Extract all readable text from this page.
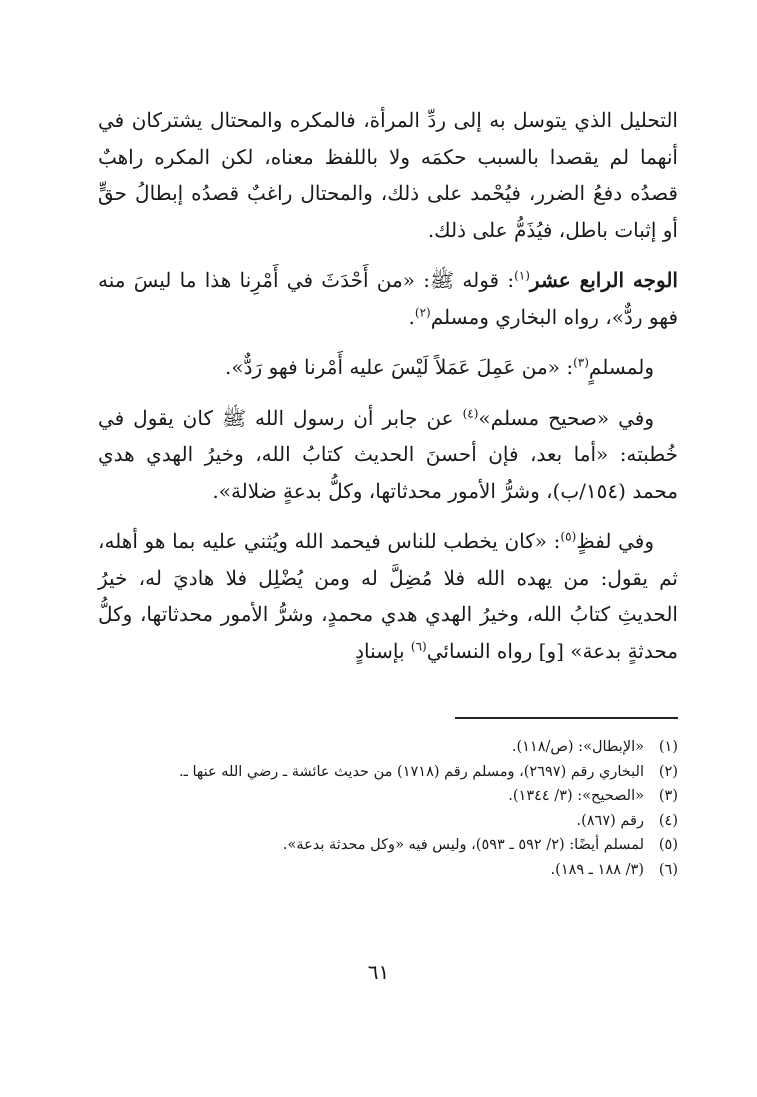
التحليل الذي يتوسل به إلى ردِّ المرأة، فالمكره والمحتال يشتركان في أنهما لم يقصدا بالسبب حكمَه ولا باللفظ معناه، لكن المكره راهبٌ قصدُه دفعُ الضرر، فيُحْمد على ذلك، والمحتال راغبٌ قصدُه إبطالُ حقٍّ أو إثبات باطل، فيُذَمُّ على ذلك.

الوجه الرابع عشر$^{(١)}$: قوله ﷺ: «من أَحْدَثَ في أَمْرِنا هذا ما ليسَ منه فهو ردٌّ»، رواه البخاري ومسلم$^{(٢)}$.

ولمسلمٍ$^{(٣)}$: «من عَمِلَ عَمَلاً لَيْسَ عليه أَمْرنا فهو رَدٌّ».

وفي «صحيح مسلم»$^{(٤)}$ عن جابر أن رسول الله ﷺ كان يقول في خُطبته: «أما بعد، فإن أحسنَ الحديث كتابُ الله، وخيرُ الهدي هدي محمد (١٥٤/ب)، وشرُّ الأمور محدثاتها، وكلُّ بدعةٍ ضلالة».

وفي لفظٍ$^{(٥)}$: «كان يخطب للناس فيحمد الله ويُثني عليه بما هو أهله، ثم يقول: من يهده الله فلا مُضِلَّ له ومن يُضْلِل فلا هاديَ له، خيرُ الحديثِ كتابُ الله، وخيرُ الهدي هدي محمدٍ، وشرُّ الأمور محدثاتها، وكلُّ محدثةٍ بدعة» [و] رواه النسائي$^{(٦)}$ بإسنادٍ

(١)
«الإبطال»: (ص/١١٨).
(٢)
البخاري رقم (٢٦٩٧)، ومسلم رقم (١٧١٨) من حديث عائشة ـ رضي الله عنها ـ.
(٣)
«الصحيح»: (٣/ ١٣٤٤).
(٤)
رقم (٨٦٧).
(٥)
لمسلم أيضًا: (٢/ ٥٩٢ ـ ٥٩٣)، وليس فيه «وكل محدثة بدعة».
(٦)
(٣/ ١٨٨ ـ ١٨٩).
٦١
